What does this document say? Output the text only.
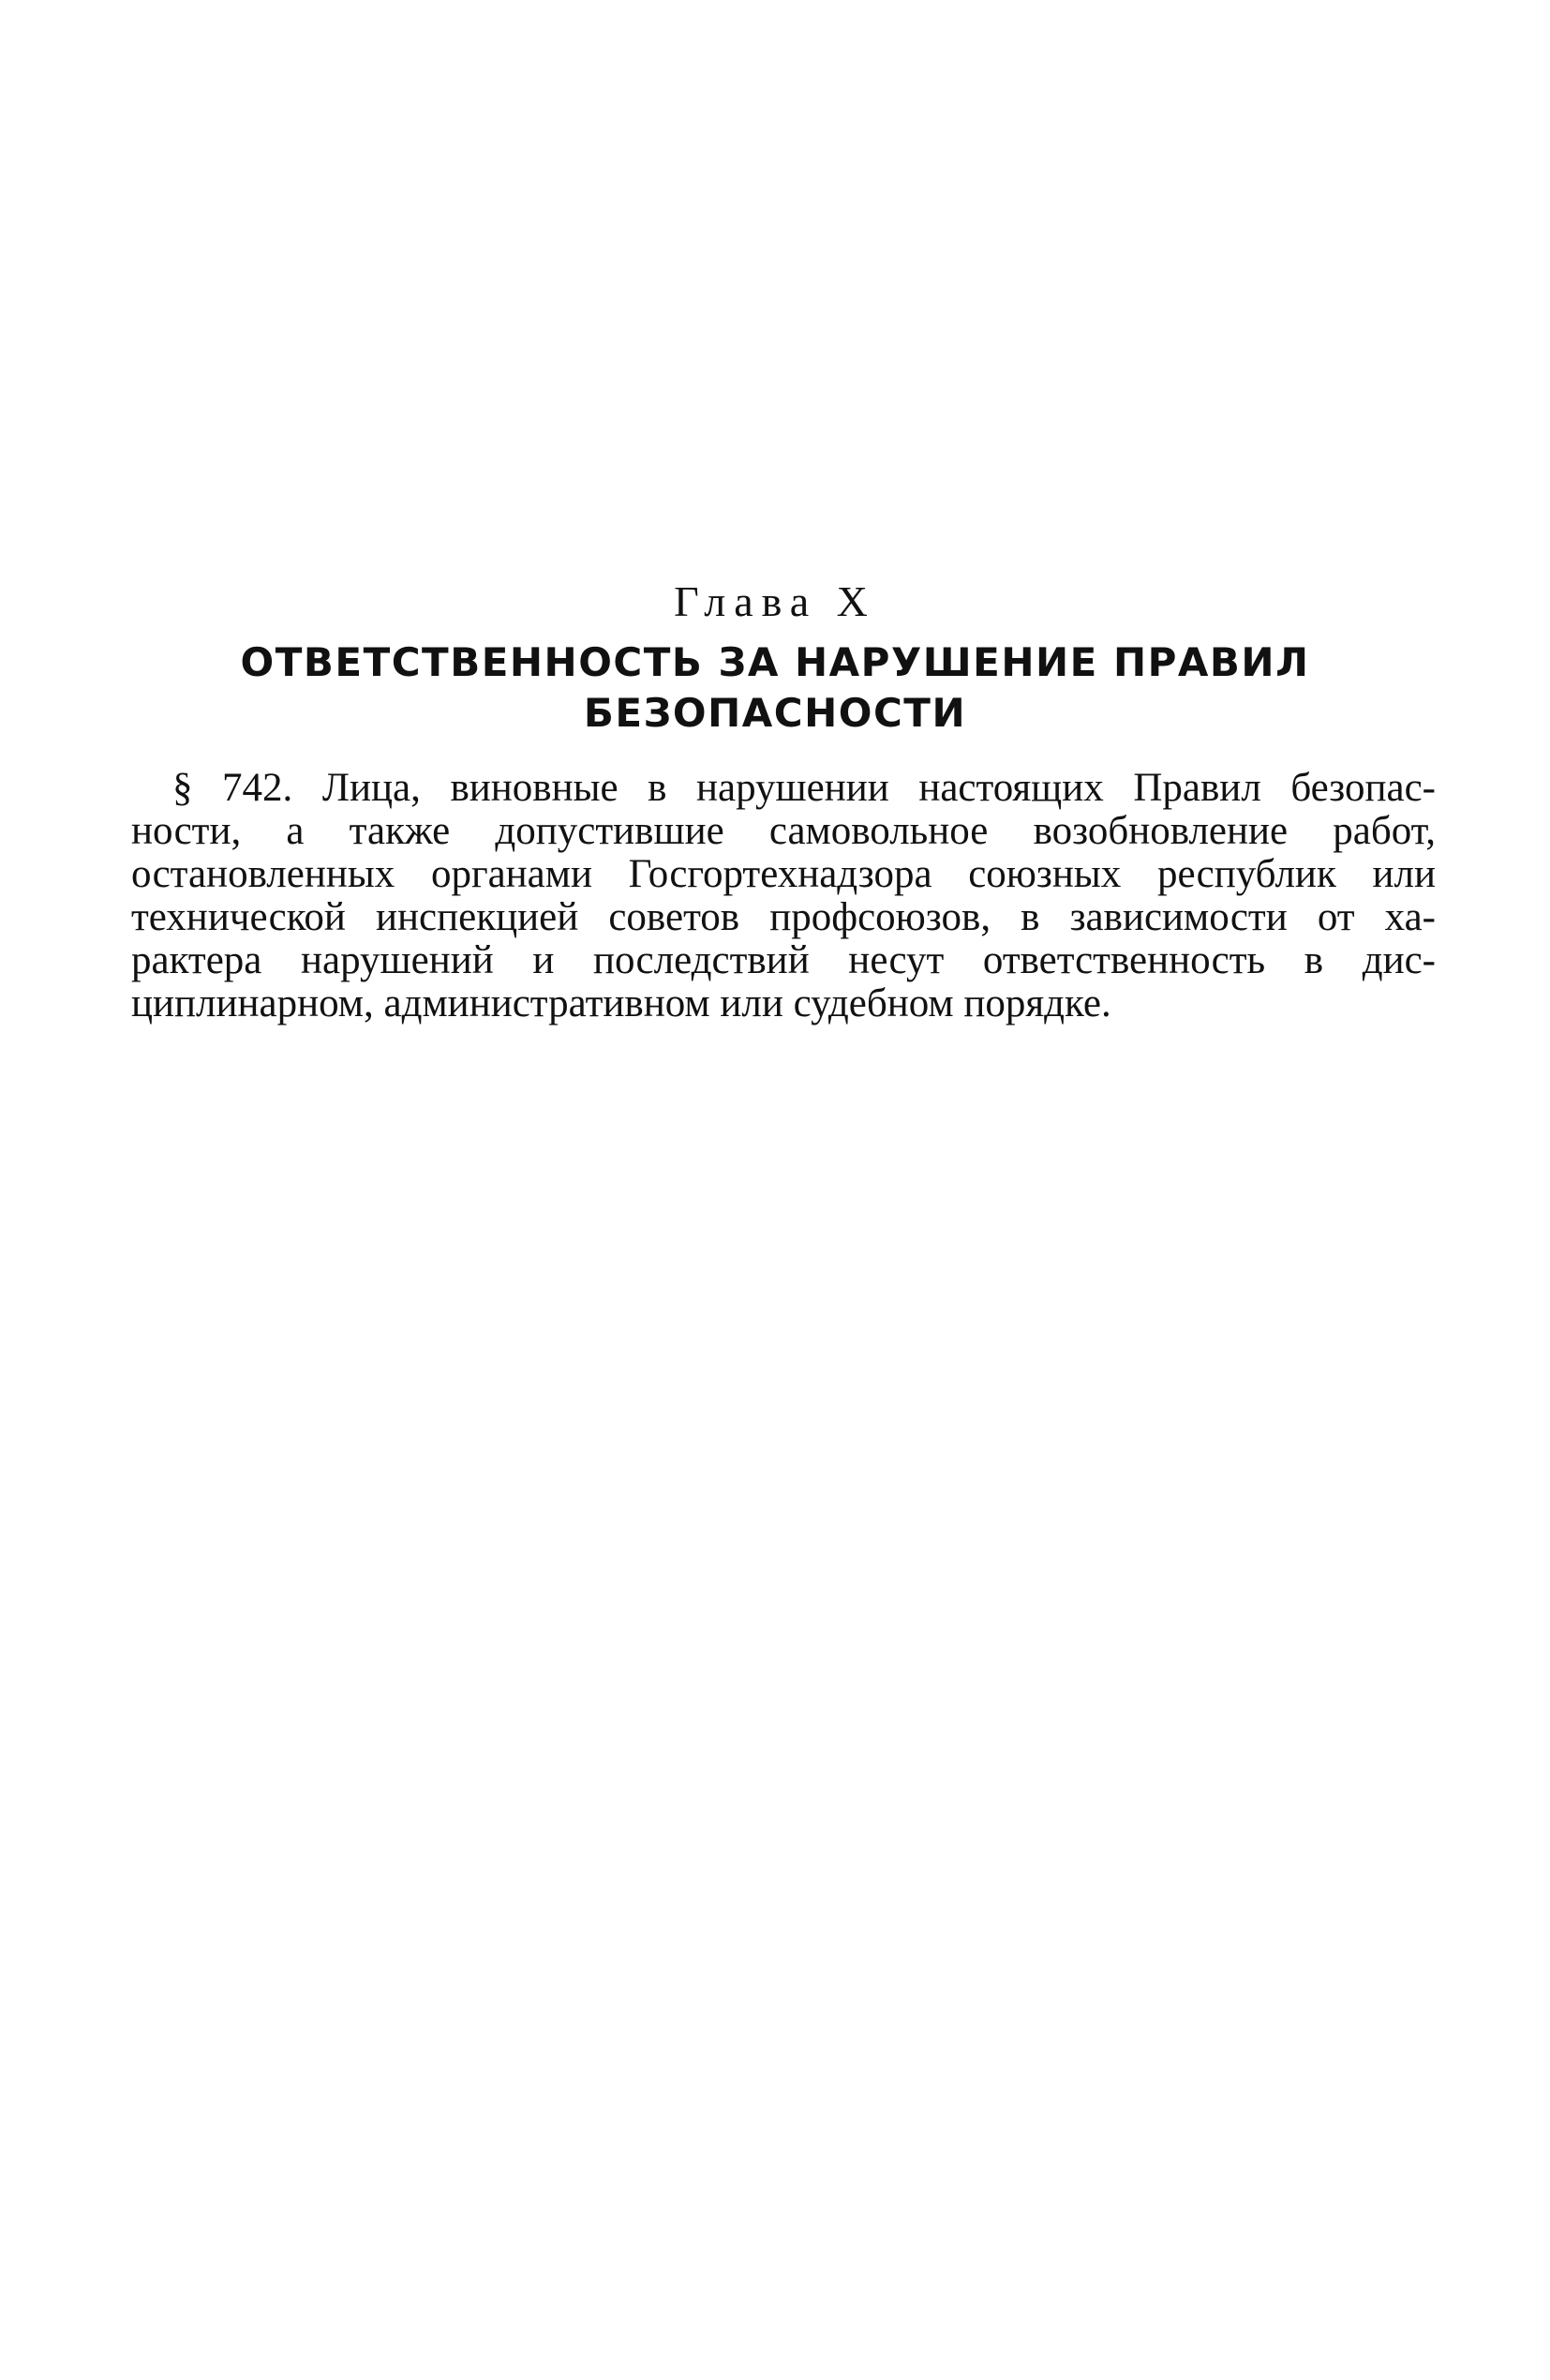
Глава X
ОТВЕТСТВЕННОСТЬ ЗА НАРУШЕНИЕ ПРАВИЛ
БЕЗОПАСНОСТИ

§ 742. Лица, виновные в нарушении настоящих Правил безопас-
ности, а также допустившие самовольное возобновление работ,
остановленных органами Госгортехнадзора союзных республик или
технической инспекцией советов профсоюзов, в зависимости от ха-
рактера нарушений и последствий несут ответственность в дис-
циплинарном, административном или судебном порядке.
